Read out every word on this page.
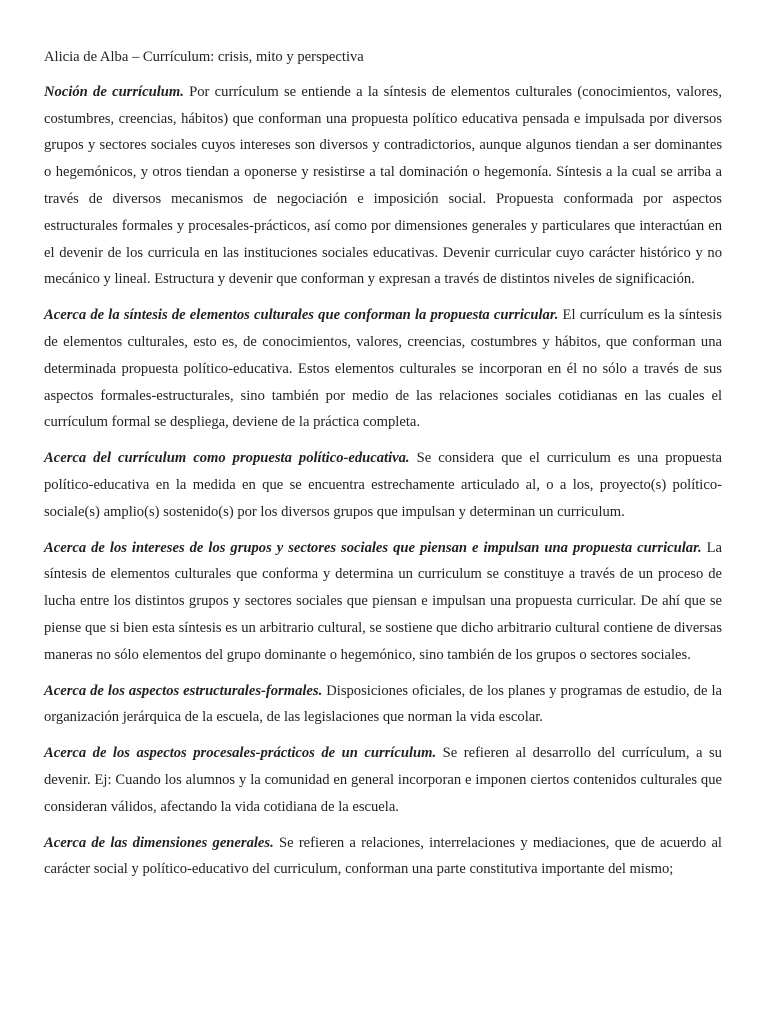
Alicia de Alba – Currículum: crisis, mito y perspectiva

Noción de currículum. Por currículum se entiende a la síntesis de elementos culturales (conocimientos, valores, costumbres, creencias, hábitos) que conforman una propuesta político educativa pensada e impulsada por diversos grupos y sectores sociales cuyos intereses son diversos y contradictorios, aunque algunos tiendan a ser dominantes o hegemónicos, y otros tiendan a oponerse y resistirse a tal dominación o hegemonía. Síntesis a la cual se arriba a través de diversos mecanismos de negociación e imposición social. Propuesta conformada por aspectos estructurales formales y procesales-prácticos, así como por dimensiones generales y particulares que interactúan en el devenir de los curricula en las instituciones sociales educativas. Devenir curricular cuyo carácter histórico y no mecánico y lineal. Estructura y devenir que conforman y expresan a través de distintos niveles de significación.

Acerca de la síntesis de elementos culturales que conforman la propuesta curricular. El currículum es la síntesis de elementos culturales, esto es, de conocimientos, valores, creencias, costumbres y hábitos, que conforman una determinada propuesta político-educativa. Estos elementos culturales se incorporan en él no sólo a través de sus aspectos formales-estructurales, sino también por medio de las relaciones sociales cotidianas en las cuales el currículum formal se despliega, deviene de la práctica completa.

Acerca del currículum como propuesta político-educativa. Se considera que el curriculum es una propuesta político-educativa en la medida en que se encuentra estrechamente articulado al, o a los, proyecto(s) político-sociale(s) amplio(s) sostenido(s) por los diversos grupos que impulsan y determinan un curriculum.

Acerca de los intereses de los grupos y sectores sociales que piensan e impulsan una propuesta curricular. La síntesis de elementos culturales que conforma y determina un curriculum se constituye a través de un proceso de lucha entre los distintos grupos y sectores sociales que piensan e impulsan una propuesta curricular. De ahí que se piense que si bien esta síntesis es un arbitrario cultural, se sostiene que dicho arbitrario cultural contiene de diversas maneras no sólo elementos del grupo dominante o hegemónico, sino también de los grupos o sectores sociales.

Acerca de los aspectos estructurales-formales. Disposiciones oficiales, de los planes y programas de estudio, de la organización jerárquica de la escuela, de las legislaciones que norman la vida escolar.

Acerca de los aspectos procesales-prácticos de un currículum. Se refieren al desarrollo del currículum, a su devenir. Ej: Cuando los alumnos y la comunidad en general incorporan e imponen ciertos contenidos culturales que consideran válidos, afectando la vida cotidiana de la escuela.

Acerca de las dimensiones generales. Se refieren a relaciones, interrelaciones y mediaciones, que de acuerdo al carácter social y político-educativo del curriculum, conforman una parte constitutiva importante del mismo;
